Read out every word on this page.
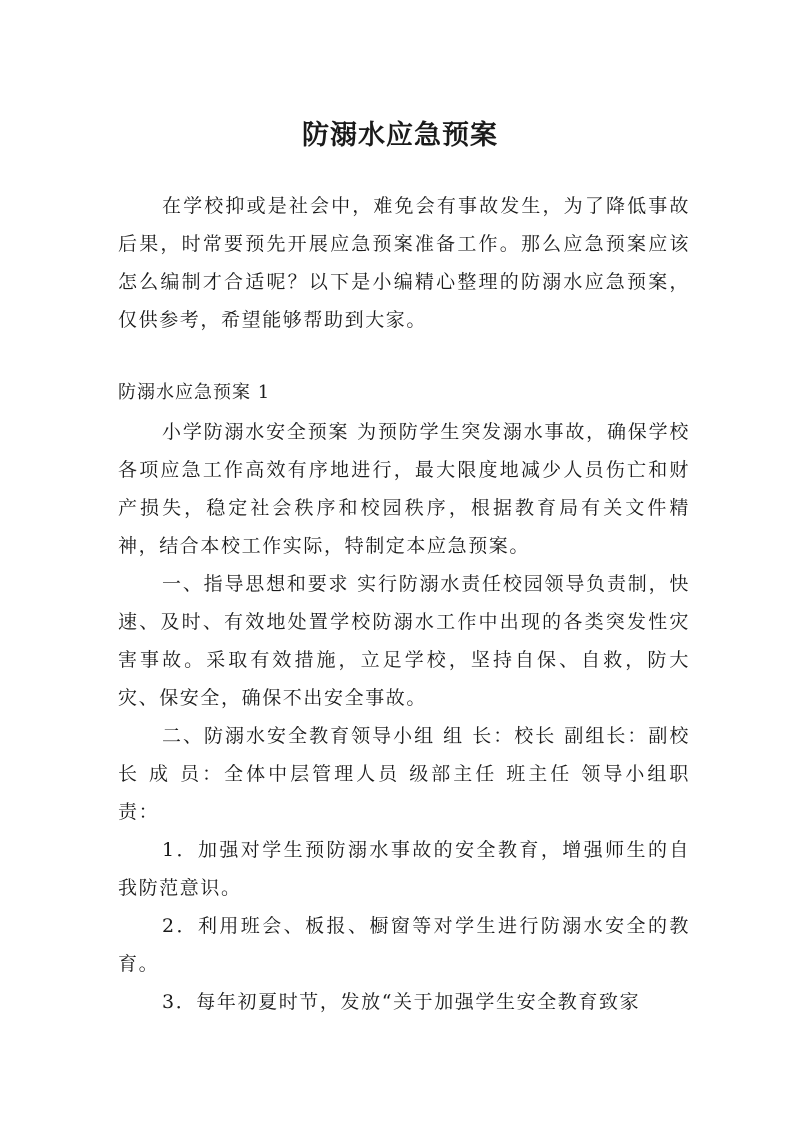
防溺水应急预案

在学校抑或是社会中，难免会有事故发生，为了降低事故后果，时常要预先开展应急预案准备工作。那么应急预案应该怎么编制才合适呢？以下是小编精心整理的防溺水应急预案，仅供参考，希望能够帮助到大家。

防溺水应急预案 1

小学防溺水安全预案 为预防学生突发溺水事故，确保学校各项应急工作高效有序地进行，最大限度地减少人员伤亡和财产损失，稳定社会秩序和校园秩序，根据教育局有关文件精神，结合本校工作实际，特制定本应急预案。

一、指导思想和要求 实行防溺水责任校园领导负责制，快速、及时、有效地处置学校防溺水工作中出现的各类突发性灾害事故。采取有效措施，立足学校，坚持自保、自救，防大灾、保安全，确保不出安全事故。

二、防溺水安全教育领导小组 组 长：校长 副组长：副校长 成 员：全体中层管理人员 级部主任 班主任 领导小组职责：

1．加强对学生预防溺水事故的安全教育，增强师生的自我防范意识。

2．利用班会、板报、橱窗等对学生进行防溺水安全的教育。

3．每年初夏时节，发放“关于加强学生安全教育致家
